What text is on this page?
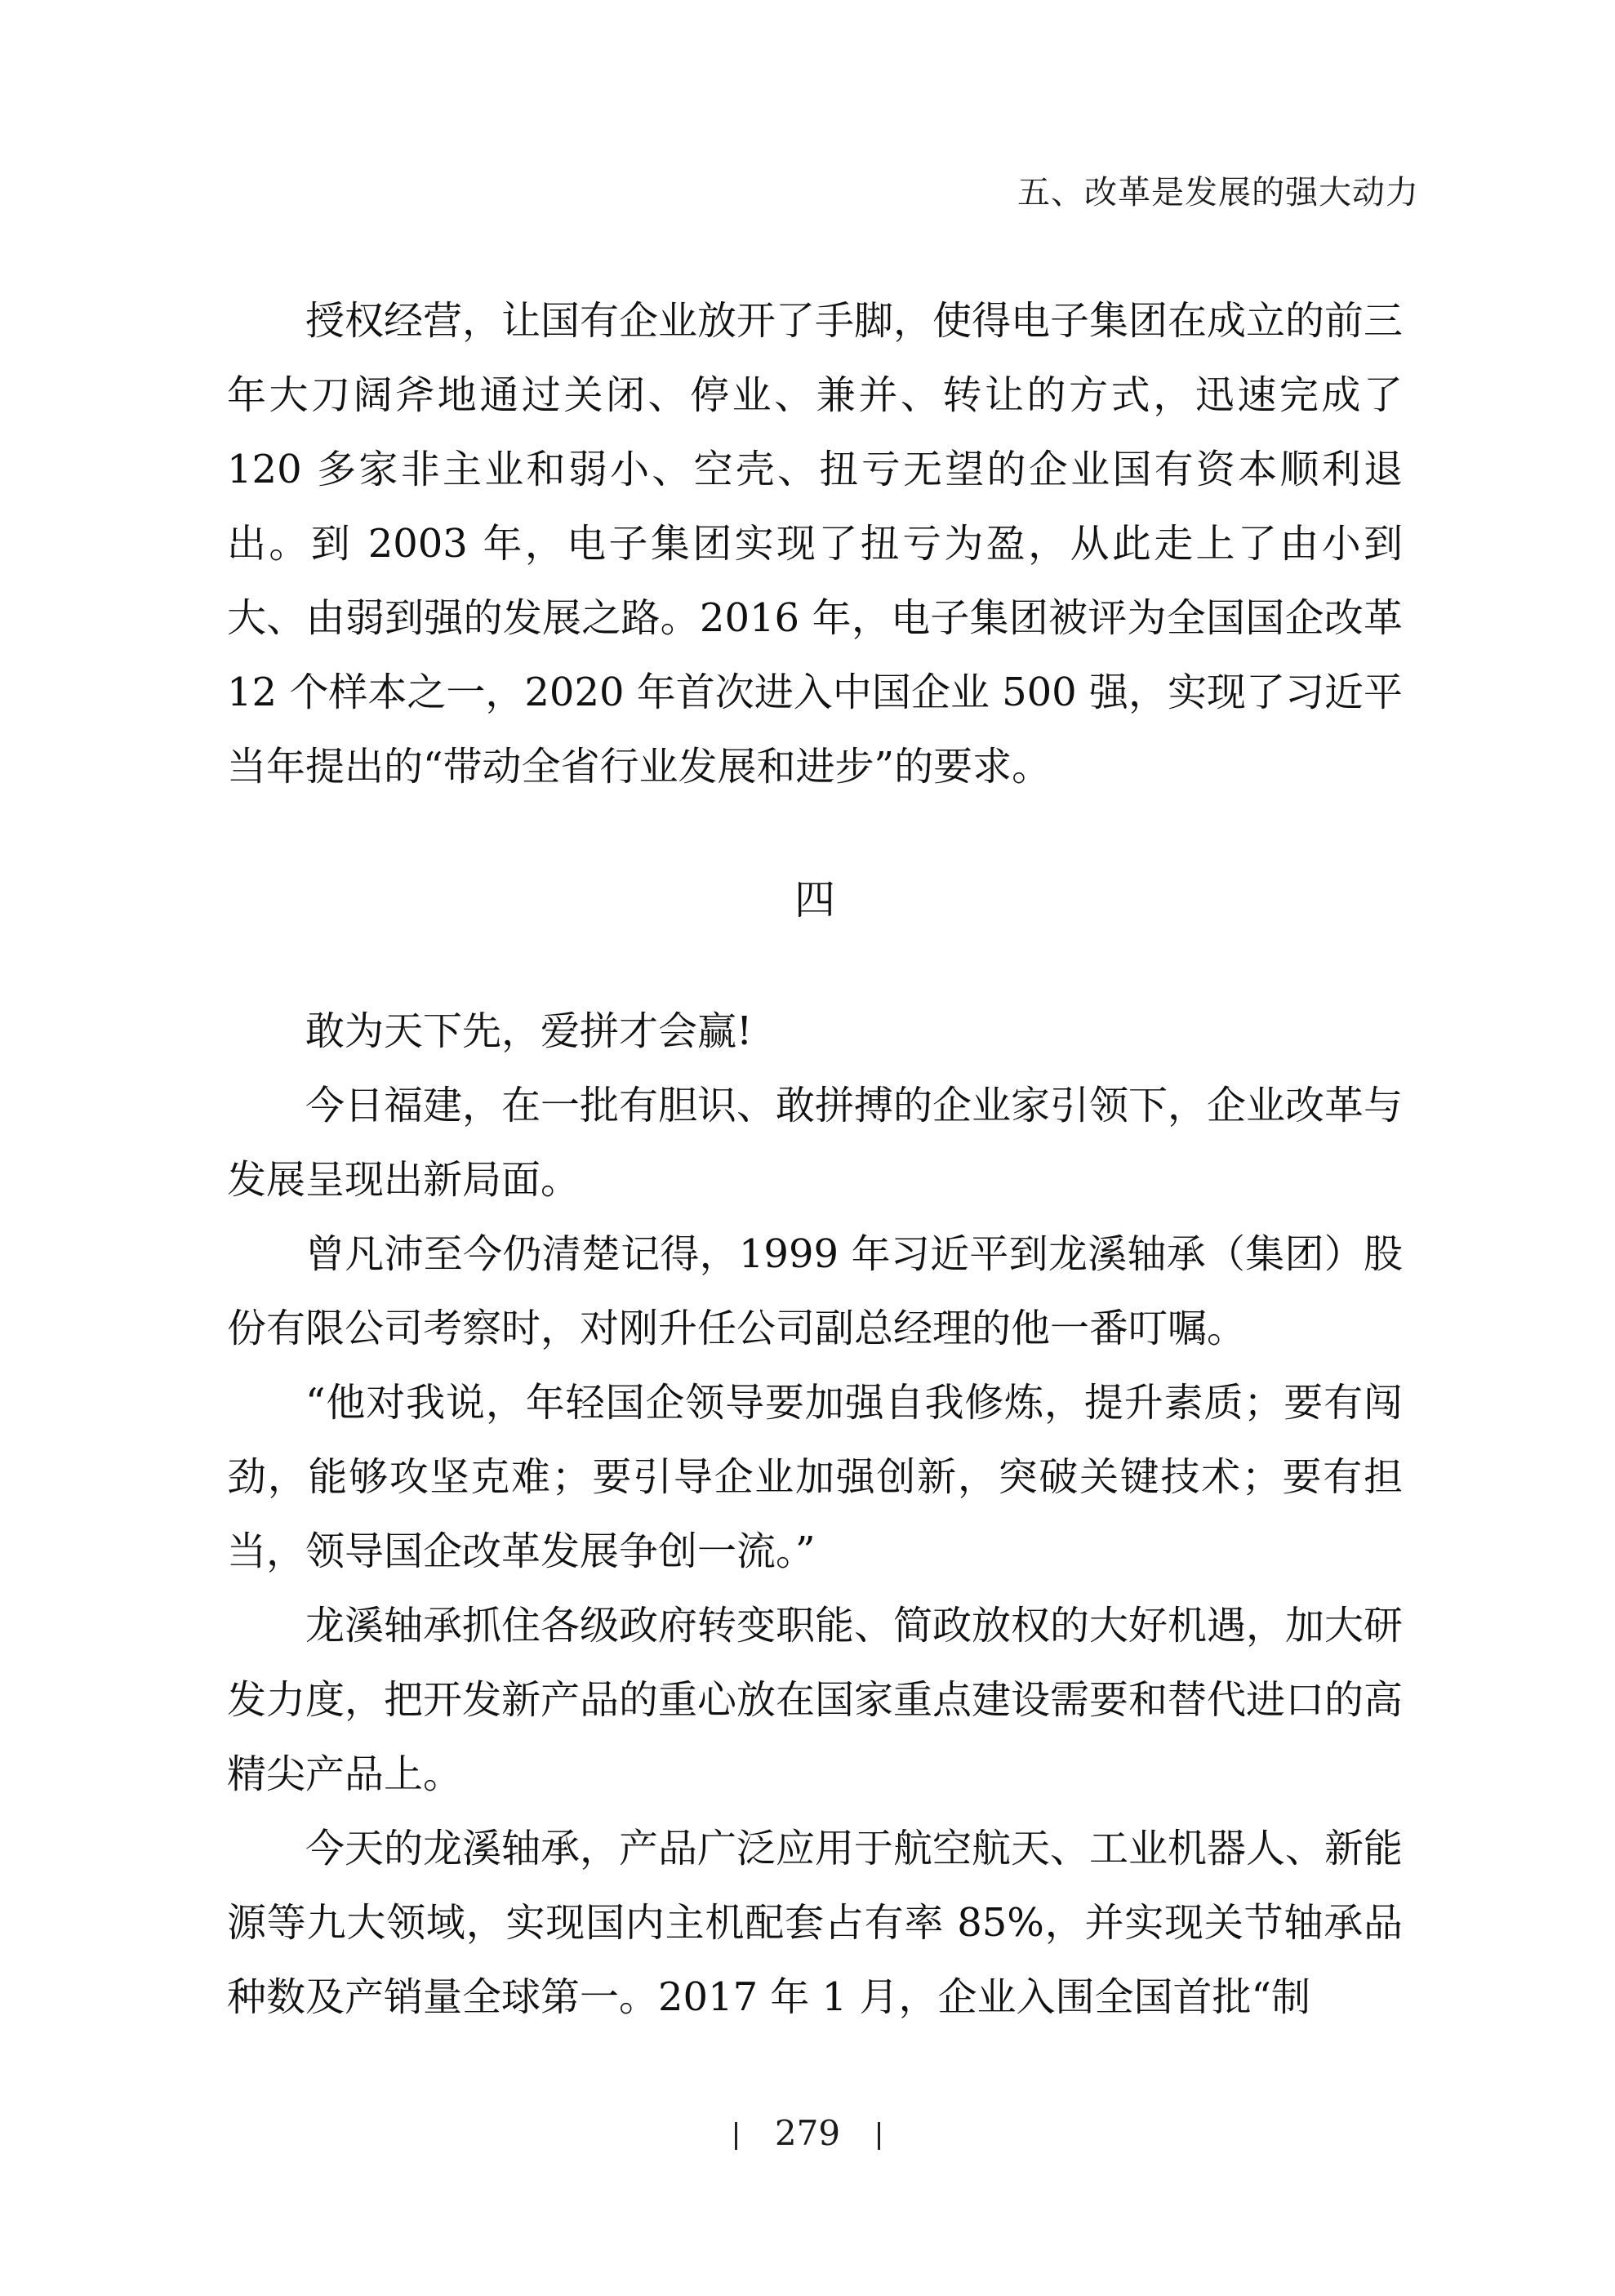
五、改革是发展的强大动力

授权经营，让国有企业放开了手脚，使得电子集团在成立的前三年大刀阔斧地通过关闭、停业、兼并、转让的方式，迅速完成了 120 多家非主业和弱小、空壳、扭亏无望的企业国有资本顺利退出。到 2003 年，电子集团实现了扭亏为盈，从此走上了由小到大、由弱到强的发展之路。2016 年，电子集团被评为全国国企改革 12 个样本之一，2020 年首次进入中国企业 500 强，实现了习近平当年提出的“带动全省行业发展和进步”的要求。

四

敢为天下先，爱拼才会赢!

今日福建，在一批有胆识、敢拼搏的企业家引领下，企业改革与发展呈现出新局面。

曾凡沛至今仍清楚记得，1999 年习近平到龙溪轴承（集团）股份有限公司考察时，对刚升任公司副总经理的他一番叮嘱。

“他对我说，年轻国企领导要加强自我修炼，提升素质；要有闯劲，能够攻坚克难；要引导企业加强创新，突破关键技术；要有担当，领导国企改革发展争创一流。”

龙溪轴承抓住各级政府转变职能、简政放权的大好机遇，加大研发力度，把开发新产品的重心放在国家重点建设需要和替代进口的高精尖产品上。

今天的龙溪轴承，产品广泛应用于航空航天、工业机器人、新能源等九大领域，实现国内主机配套占有率 85%，并实现关节轴承品种数及产销量全球第一。2017 年 1 月，企业入围全国首批“制

279
